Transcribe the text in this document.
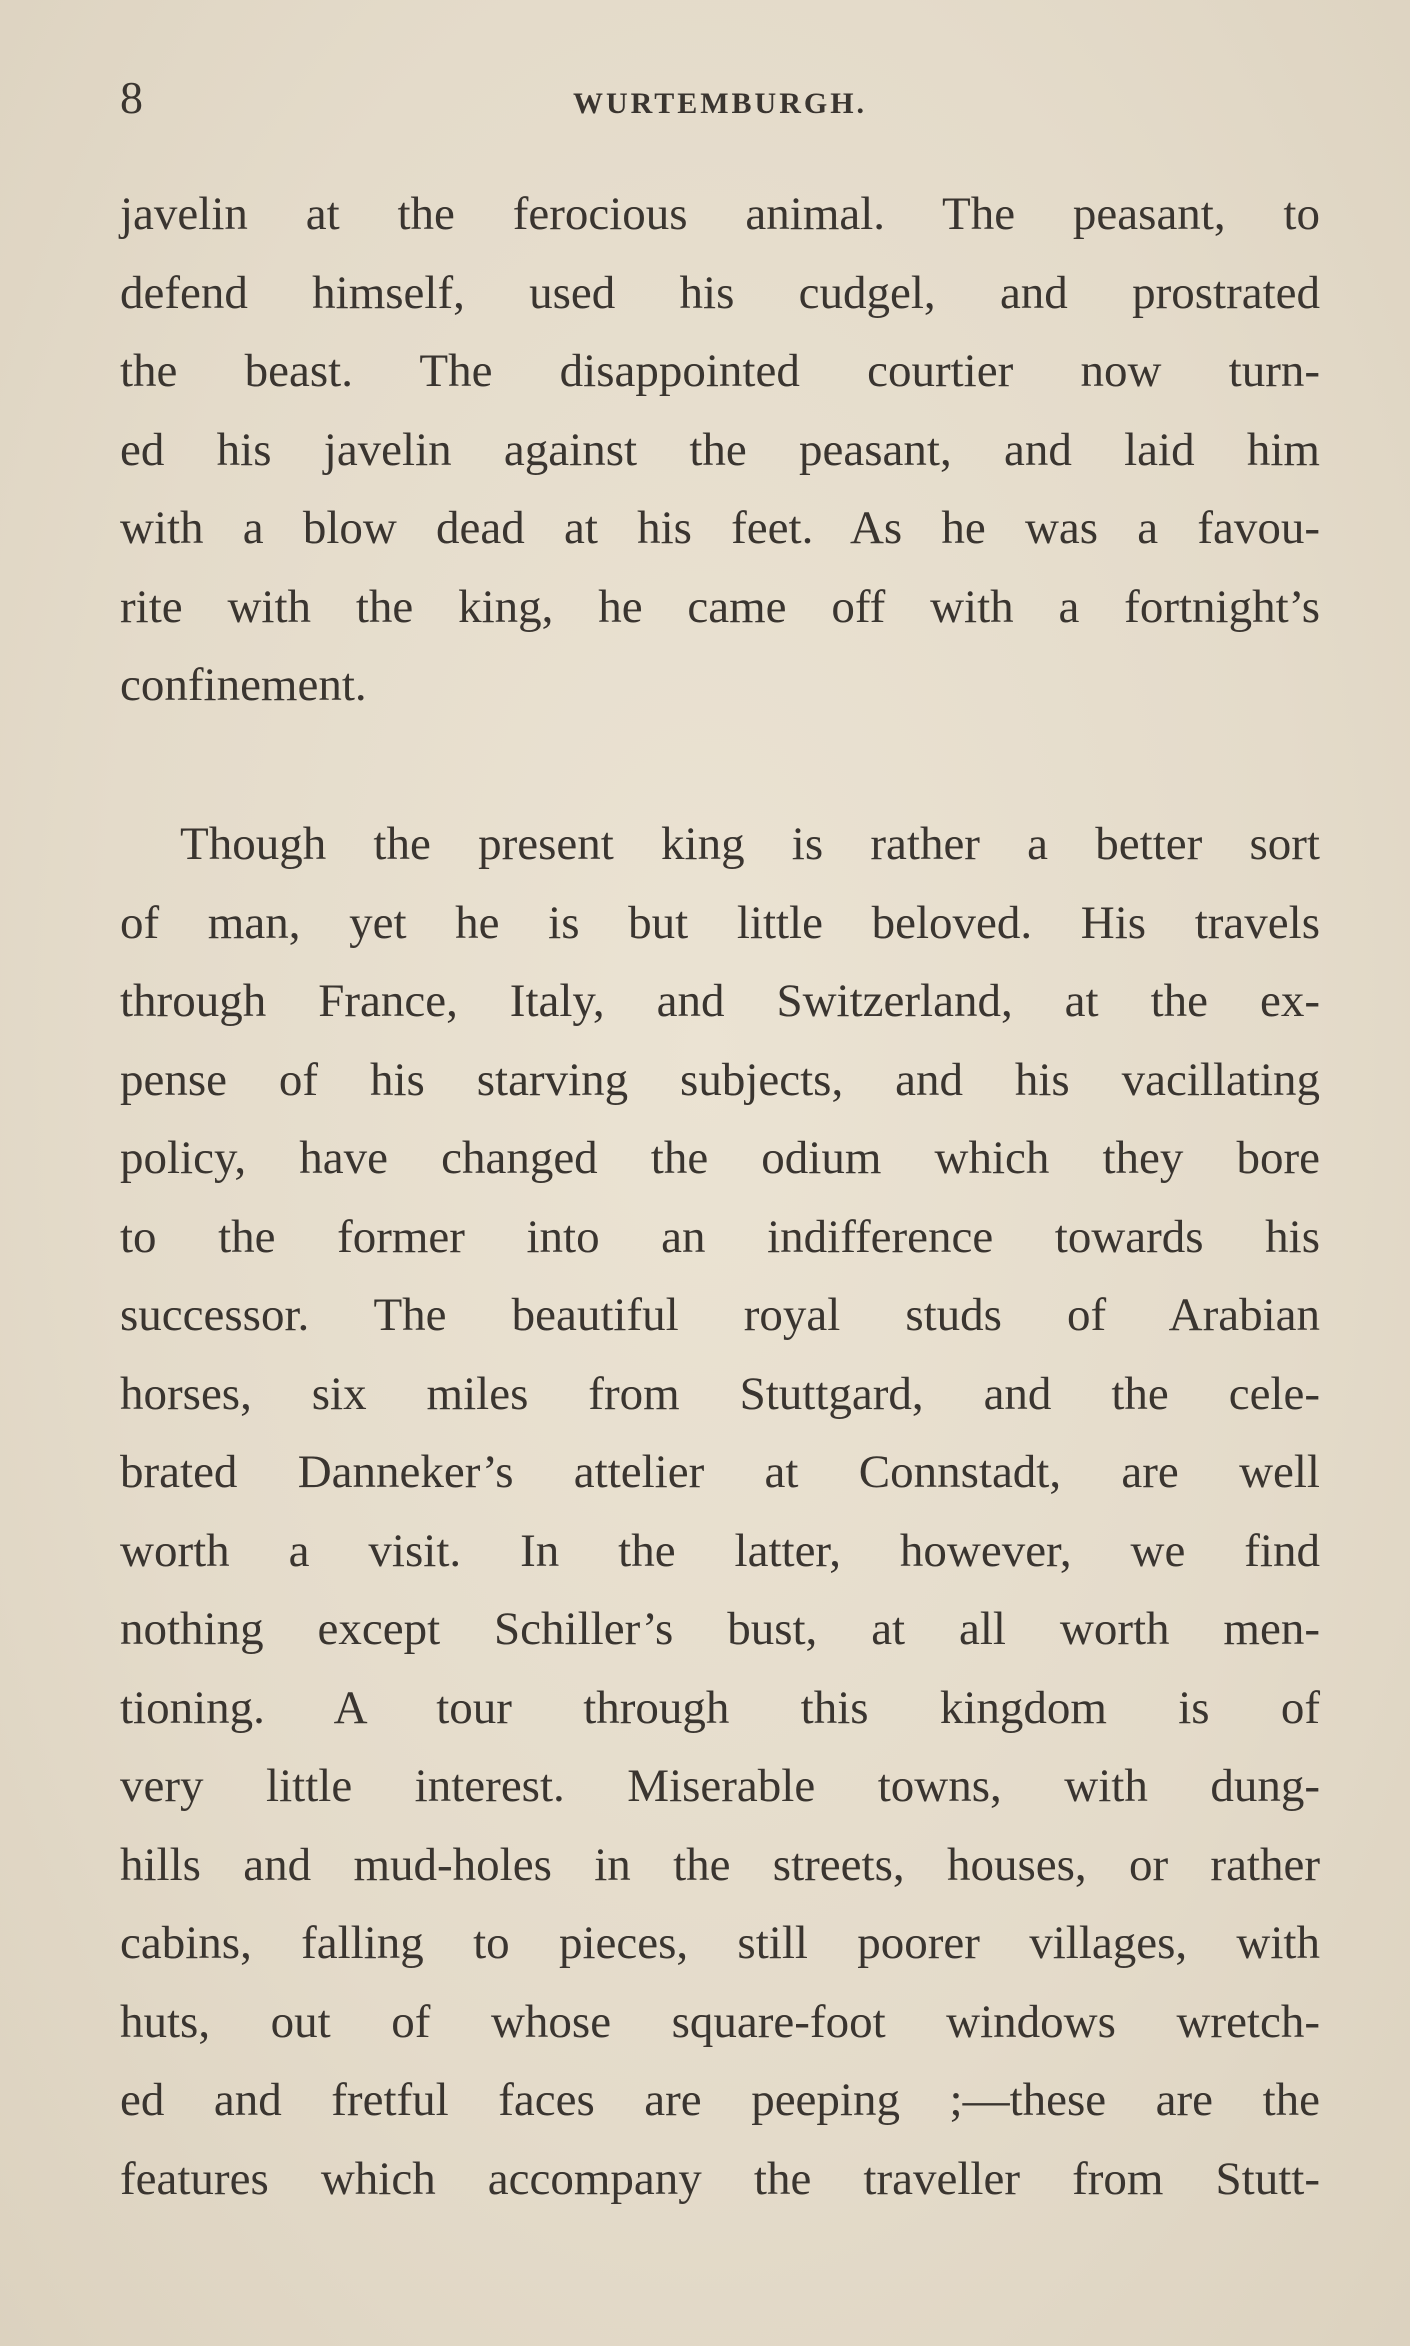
8	WURTEMBURGH.
javelin at the ferocious animal. The peasant, to
defend himself, used his cudgel, and prostrated
the beast. The disappointed courtier now turn-
ed his javelin against the peasant, and laid him
with a blow dead at his feet. As he was a favou-
rite with the king, he came off with a fortnight’s
confinement.
Though the present king is rather a better sort
of man, yet he is but little beloved. His travels
through France, Italy, and Switzerland, at the ex-
pense of his starving subjects, and his vacillating
policy, have changed the odium which they bore
to the former into an indifference towards his
successor. The beautiful royal studs of Arabian
horses, six miles from Stuttgard, and the cele-
brated Danneker’s attelier at Connstadt, are well
worth a visit. In the latter, however, we find
nothing except Schiller’s bust, at all worth men-
tioning. A tour through this kingdom is of
very little interest. Miserable towns, with dung-
hills and mud-holes in the streets, houses, or rather
cabins, falling to pieces, still poorer villages, with
huts, out of whose square-foot windows wretch-
ed and fretful faces are peeping ;—these are the
features which accompany the traveller from Stutt-
